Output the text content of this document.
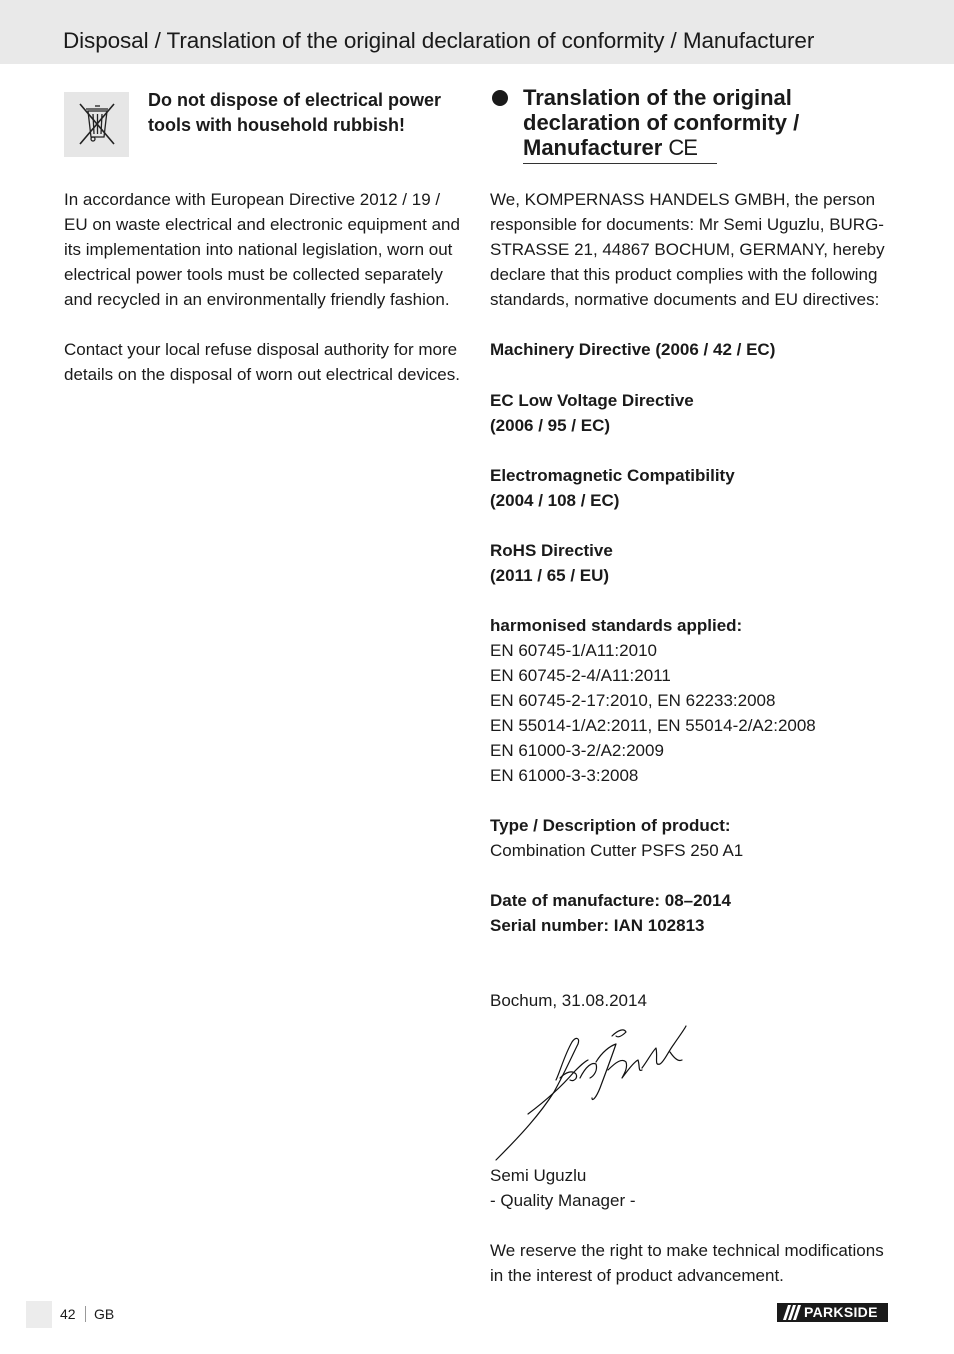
Disposal / Translation of the original declaration of conformity / Manufacturer
Do not dispose of electrical power tools with household rubbish!

In accordance with European Directive 2012 / 19 / EU on waste electrical and electronic equipment and its implementation into national legislation, worn out electrical power tools must be collected separately and recycled in an environmentally friendly fashion.

Contact your local refuse disposal authority for more details on the disposal of worn out electrical devices.

Translation of the original declaration of conformity / Manufacturer CE
We, KOMPERNASS HANDELS GMBH, the person responsible for documents: Mr Semi Uguzlu, BURG-STRASSE 21, 44867 BOCHUM, GERMANY, hereby declare that this product complies with the following standards, normative documents and EU directives:
Machinery Directive (2006 / 42 / EC)
EC Low Voltage Directive
(2006 / 95 / EC)
Electromagnetic Compatibility
(2004 / 108 / EC)
RoHS Directive
(2011 / 65 / EU)
harmonised standards applied:
EN 60745-1/A11:2010
EN 60745-2-4/A11:2011
EN 60745-2-17:2010, EN 62233:2008
EN 55014-1/A2:2011, EN 55014-2/A2:2008
EN 61000-3-2/A2:2009
EN 61000-3-3:2008
Type / Description of product:
Combination Cutter PSFS 250 A1
Date of manufacture: 08–2014
Serial number: IAN 102813
Bochum, 31.08.2014
Semi Uguzlu
- Quality Manager -
We reserve the right to make technical modifications in the interest of product advancement.
42 GB	PARKSIDE
